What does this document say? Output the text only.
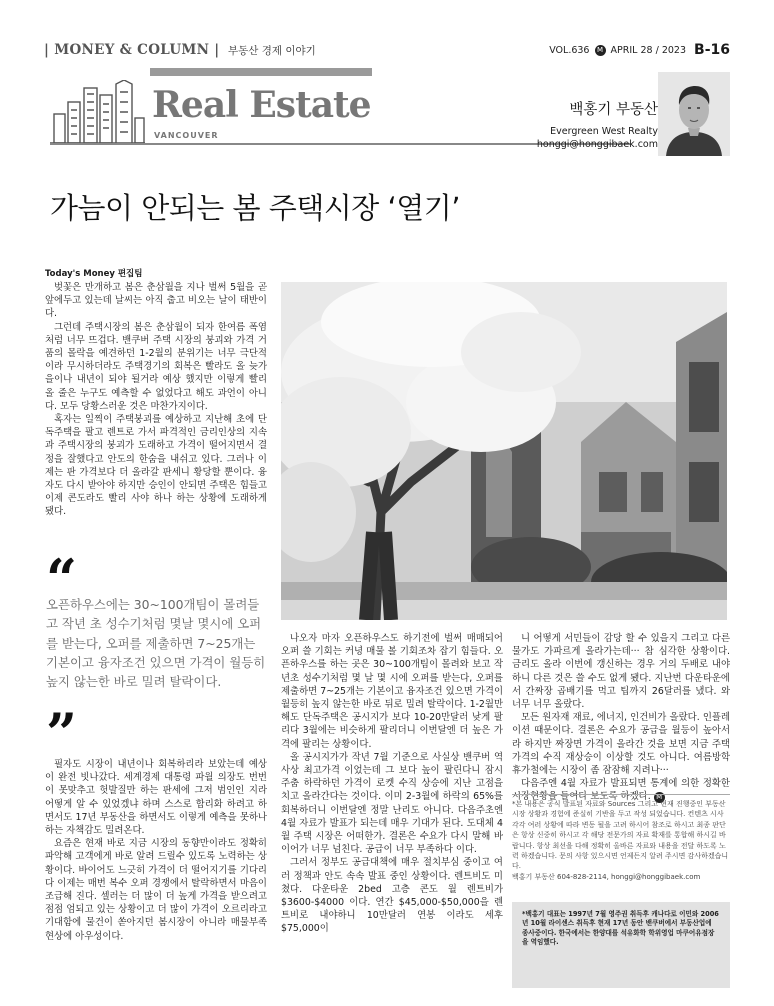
| MONEY & COLUMN | 부동산 경제 이야기	VOL.636 M APRIL 28 / 2023 B-16
Real Estate
VANCOUVER
백홍기 부동산
Evergreen West Realty
honggi@honggibaek.com
가늠이 안되는 봄 주택시장 ‘열기’
Today's Money 편집팀

벚꽃은 만개하고 봄은 춘삼월을 지나 벌써 5월을 곧 앞에두고 있는데 날씨는 아직 춥고 비오는 날이 태반이다.

그런데 주택시장의 봄은 춘삼월이 되자 한여름 폭염처럼 너무 뜨겁다. 밴쿠버 주택 시장의 붕괴와 가격 거품의 몰락을 예견하던 1-2월의 분위기는 너무 극단적이라 무시하더라도 주택경기의 회복은 빨라도 올 늦가을이나 내년이 되야 될거라 예상 했지만 이렇게 빨리 올 줄은 누구도 예측할 수 없었다고 해도 과언이 아니다. 모두 당황스러운 것은 마찬가지이다.

혹자는 일찍이 주택붕괴를 예상하고 지난해 초에 단독주택을 팔고 렌트로 가서 파격적인 금리인상의 지속과 주택시장의 붕괴가 도래하고 가격이 떨어지면서 결정을 잘했다고 안도의 한숨을 내쉬고 있다. 그러나 이제는 판 가격보다 더 올라갈 판세니 황당할 뿐이다. 융자도 다시 받아야 하지만 승인이 안되면 주택은 힘들고 이제 콘도라도 빨리 사야 하나 하는 상황에 도래하게 됐다.

“
오픈하우스에는 30~100개팀이 몰려들고 작년 초 성수기처럼 몇날 몇시에 오퍼를 받는다, 오퍼를 제출하면 7~25개는 기본이고 융자조건 있으면 가격이 월등히 높지 않는한 바로 밀려 탈락이다.
”

필자도 시장이 내년이나 회복하리라 보았는데 예상이 완전 빗나갔다. 세계경제 대통령 파월 의장도 번번이 못맞추고 헛발질만 하는 판세에 그저 범인인 지라 어떻게 알 수 있었겠냐 하며 스스로 합리화 하려고 하면서도 17년 부동산을 하면서도 이렇게 예측을 못하나하는 자책감도 밀려온다.

요즘은 현재 바로 지금 시장의 동향만이라도 정확히 파악해 고객에게 바로 알려 드릴수 있도록 노력하는 상황이다. 바이어도 느긋히 가격이 더 떨어지기를 기다리다 이제는 매번 복수 오퍼 경쟁에서 탈락하면서 마음이 조급해 진다. 셀러는 더 많이 더 높게 가격을 받으려고 점점 엄되고 있는 상황이고 더 많이 가격이 오르리라고 기대함에 물건이 쏟아지던 봄시장이 아니라 매물부족 현상에 아우성이다.

나오자 마자 오픈하우스도 하기전에 벌써 매매되어 오퍼 쓸 기회는 커녕 매물 볼 기회조차 잡기 힘들다. 오픈하우스를 하는 곳은 30~100개팀이 몰려와 보고 작년초 성수기처럼 몇 날 몇 시에 오퍼를 받는다, 오퍼를 제출하면 7~25개는 기본이고 융자조건 있으면 가격이 월등히 높지 않는한 바로 뒤로 밀려 탈락이다. 1-2월만해도 단독주택은 공시지가 보다 10-20만달러 낮게 팔리다 3월에는 비슷하게 팔리더니 이번달엔 더 높은 가격에 팔리는 상황이다.

올 공시지가가 작년 7월 기준으로 사실상 밴쿠버 역사상 최고가격 이었는데 그 보다 높이 팔린다니 잠시 주춤 하락하던 가격이 로켓 수직 상승에 지난 고점을 치고 올라간다는 것이다. 이미 2-3월에 하락의 65%를 회복하더니 이번달엔 정말 난리도 아니다. 다음주초엔 4월 자료가 발표가 되는데 매우 기대가 된다. 도대체 4월 주택 시장은 어떠한가. 결론은 수요가 다시 말해 바이어가 너무 넘친다. 공급이 너무 부족하다 이다.

그러서 정부도 공급대책에 매우 절치부심 중이고 여러 정책과 안도 속속 발표 중인 상황이다. 렌트비도 미쳤다. 다운타운 2bed 고층 콘도 월 렌트비가 $3600-$4000 이다. 연간 $45,000-$50,000을 렌트비로 내야하니 10만달러 연봉 이라도 세후 $75,000이

니 어떻게 서민들이 감당 할 수 있을지 그리고 다른 물가도 가파르게 올라가는데··· 참 심각한 상황이다. 금리도 올라 이번에 갱신하는 경우 거의 두배로 내야 하니 다른 것은 쓸 수도 없게 됐다. 지난번 다운타운에서 간짜장 곱배기를 먹고 팁까지 26달러를 냈다. 와 너무 너무 올랐다.

모든 원자재 재료, 에너지, 인건비가 올랐다. 인플레이션 때문이다. 결론은 수요가 공급을 월등이 높아서라 하지만 짜장면 가격이 올라간 것을 보면 지금 주택가격의 수직 재상승이 이상할 것도 아니다. 여름방학 휴가철에는 시장이 좀 잠잠해 지려나···

다음주엔 4월 자료가 발표되면 통계에 의한 정확한 시장현황을 들여다 보도록 하겠다. M

*본 내용은 공식 발표된 자료와 Sources 그리고 현재 진행중인 부동산 시장 상황과 경험에 준실히 기반을 두고 작성 되었습니다. 컨텐츠 시사각각 여러 상황에 따라 변동 될을 고려 하시어 참조로 하시고 최종 판단은 항상 신중히 하시고 각 해당 전문가의 자료 확재를 통합해 하시길 바랍니다. 항상 최선을 다해 정확히 올바른 자료와 내용을 전달 하도록 노력 하겠습니다. 문의 사항 있으시면 언제든지 알려 주시면 감사하겠습니다.
백홍기 부동산 604-828-2114, honggi@honggibaek.com
*백홍기 대표는 1997년 7월 영주권 취득후 캐나다로 이민와 2006년 10월 라이센스 취득후 현재 17년 동안 밴쿠버에서 부동산업에 종사중이다. 한국에서는 한양대를 석유화학 학위영업 마쿠어유점장을 역임했다.
